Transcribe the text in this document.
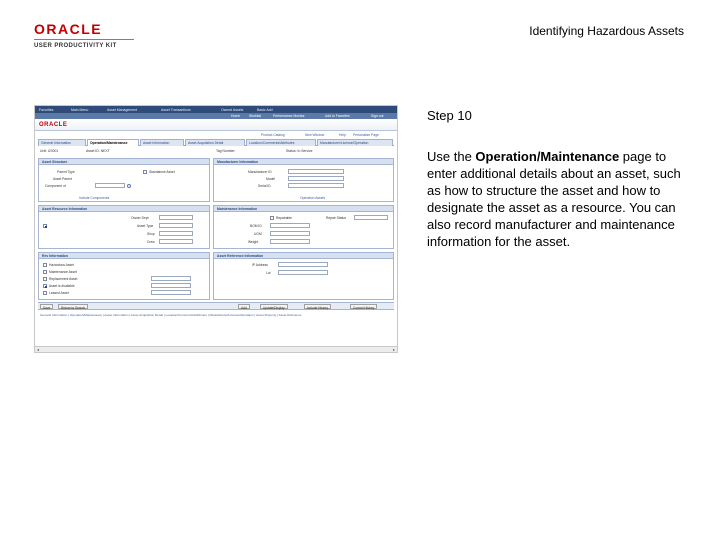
ORACLE
USER PRODUCTIVITY KIT
Identifying Hazardous Assets
Favorites	Main Menu	Asset Management	Asset Transactions	Owned Assets	Basic Add
Home	Worklist	Performance Monitor	Add to Favorites	Sign out
ORACLE
Product Catalog	New Window	Help Personalize Page
General Information	Operation/Maintenance	Asset Information	Asset Acquisition Detail	Location/Comments/Attributes	Manufacturer/License/Operation
Unit: US001	Asset ID: NEXT	Tag Number:	Status: In Service
Asset Structure
Parent Type	Standalone Asset
Asset Parent
Component of
Include Components
Manufacturer Information
Manufacturer ID
Model
Serial ID
Operation Assets
Asset Resource Information
Owner Dept
Asset Type
Shop
Crew
Maintenance Information
Repairable	Repair Status
BOM ID
UOM
Weight
Rev Information
Hazardous Asset
Maintenance Asset
Replacement Asset
Asset is Available
Leased Asset
Asset Reference Information
IP Address
Lot
Save	Return to Search	Add	Update/Display	Include History	Correct History
General Information | Operation/Maintenance | Asset Information | Asset Acquisition Detail | Location/Comments/Attributes | Manufacturer/License/Operation | Asset Property | Asset Reference
◂	▸
Step 10
Use the Operation/Maintenance page to enter additional details about an asset, such as how to structure the asset and how to designate the asset as a resource. You can also record manufacturer and maintenance information for the asset.
